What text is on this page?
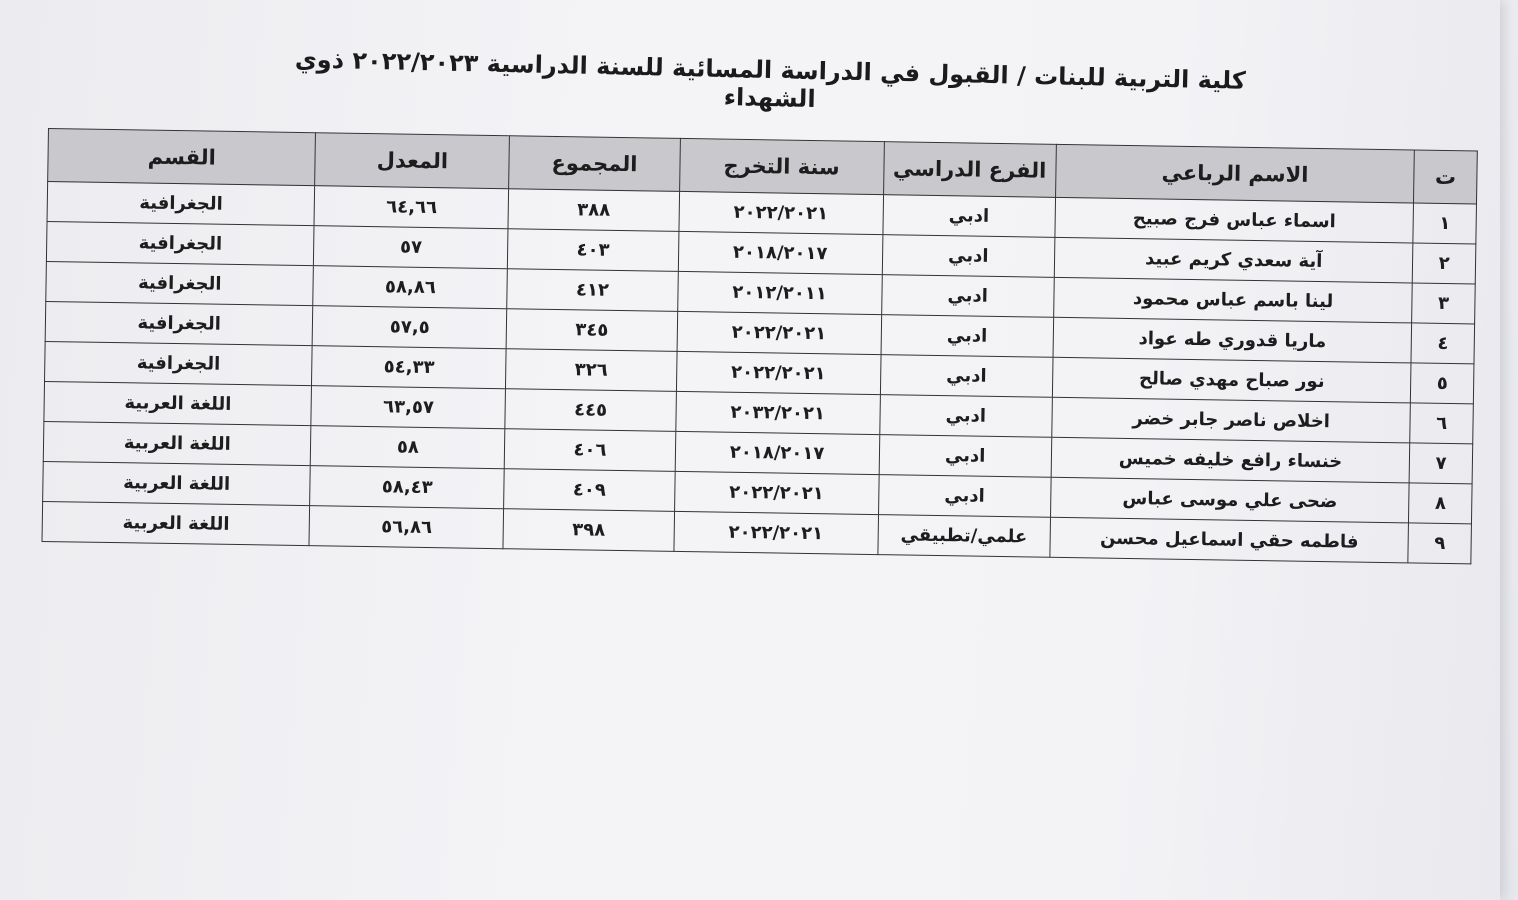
كلية التربية للبنات / القبول في الدراسة المسائية للسنة الدراسية ٢٠٢٢/٢٠٢٣ ذوي الشهداء
ت	الاسم الرباعي	الفرع الدراسي	سنة التخرج	المجموع	المعدل	القسم
١	اسماء عباس فرج صبيح	ادبي	٢٠٢٢/٢٠٢١	٣٨٨	٦٤,٦٦	الجغرافية
٢	آية سعدي كريم عبيد	ادبي	٢٠١٨/٢٠١٧	٤٠٣	٥٧	الجغرافية
٣	لينا باسم عباس محمود	ادبي	٢٠١٢/٢٠١١	٤١٢	٥٨,٨٦	الجغرافية
٤	ماريا قدوري طه عواد	ادبي	٢٠٢٢/٢٠٢١	٣٤٥	٥٧,٥	الجغرافية
٥	نور صباح مهدي صالح	ادبي	٢٠٢٢/٢٠٢١	٣٢٦	٥٤,٣٣	الجغرافية
٦	اخلاص ناصر جابر خضر	ادبي	٢٠٣٢/٢٠٢١	٤٤٥	٦٣,٥٧	اللغة العربية
٧	خنساء رافع خليفه خميس	ادبي	٢٠١٨/٢٠١٧	٤٠٦	٥٨	اللغة العربية
٨	ضحى علي موسى عباس	ادبي	٢٠٢٢/٢٠٢١	٤٠٩	٥٨,٤٣	اللغة العربية
٩	فاطمه حقي اسماعيل محسن	علمي/تطبيقي	٢٠٢٢/٢٠٢١	٣٩٨	٥٦,٨٦	اللغة العربية
